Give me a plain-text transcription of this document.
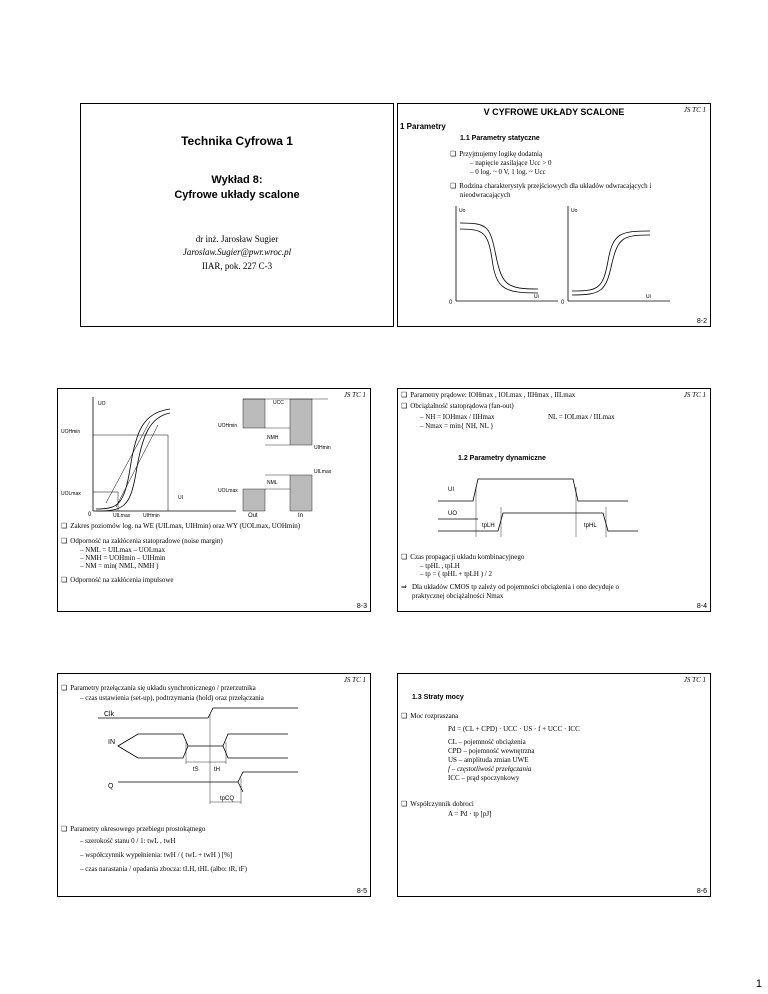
Technika Cyfrowa 1
Wykład 8:
Cyfrowe układy scalone
dr inż. Jarosław Sugier
Jaroslaw.Sugier@pwr.wroc.pl
IIAR, pok. 227 C-3
JS TC 1
V CYFROWE UKŁADY SCALONE
1 Parametry
1.1 Parametry statyczne
❏ Przyjmujemy logikę dodatnią
– napięcie zasilające Ucc > 0
– 0 log. ~ 0 V, 1 log. ~ Ucc
❏ Rodzina charakterystyk przejściowych dla układów odwracających i
nieodwracających
Uo
Ui
0
Uo
Ui
0
8-2
JS TC 1
UO
UOHmin
UOLmax
UI
0	UILmax	UIHmin
UCC
UOHmin
NMH
UIHmin
UILmax
NML
UOLmax
Out	In
❏ Zakres poziomów log. na WE (UILmax, UIHmin) oraz WY (UOLmax, UOHmin)
❏ Odporność na zakłócenia statopradowe (noise margin)
– NML = UILmax – UOLmax
– NMH = UOHmin – UIHmin
– NM = min( NML, NMH )
❏ Odporność na zakłócenia impulsowe
8-3
JS TC 1
❏ Parametry prądowe: IOHmax , IOLmax , IIHmax , IILmax
❏ Obciążalność statoprądowa (fan-out)
– NH = IOHmax / IIHmax	NL = IOLmax / IILmax
– Nmax = min{ NH, NL }
1.2 Parametry dynamiczne
UI
UO
tpLH	tpHL
❏ Czas propagacji układu kombinacyjnego
– tpHL , tpLH
– tp = ( tpHL + tpLH ) / 2
⇒ Dla układów CMOS tp zależy od pojemności obciążenia i ono decyduje o
praktycznej obciążalności Nmax
8-4
JS TC 1
❏ Parametry przełączania się układu synchronicznego / przerzutnika
– czas ustawienia (set-up), podtrzymania (hold) oraz przełączania
Clk
IN
Q
tS	tH
tpCQ
❏ Parametry okresowego przebiegu prostokątnego
– szerokość stanu 0 / 1: twL , twH
– współczynnik wypełnienia: twH / ( twL + twH ) [%]
– czas narastania / opadania zbocza: tLH, tHL (albo: tR, tF)
8-5
JS TC 1
1.3 Straty mocy
❏ Moc rozpraszana
Pd = (CL + CPD) · UCC · US · f + UCC · ICC
CL – pojemność obciążenia
CPD – pojemność wewnętrzna
US – amplituda zmian UWE
f – częstotliwość przełączania
ICC – prąd spoczynkowy
❏ Współczynnik dobroci
A = Pd · tp [pJ]
8-6
1
